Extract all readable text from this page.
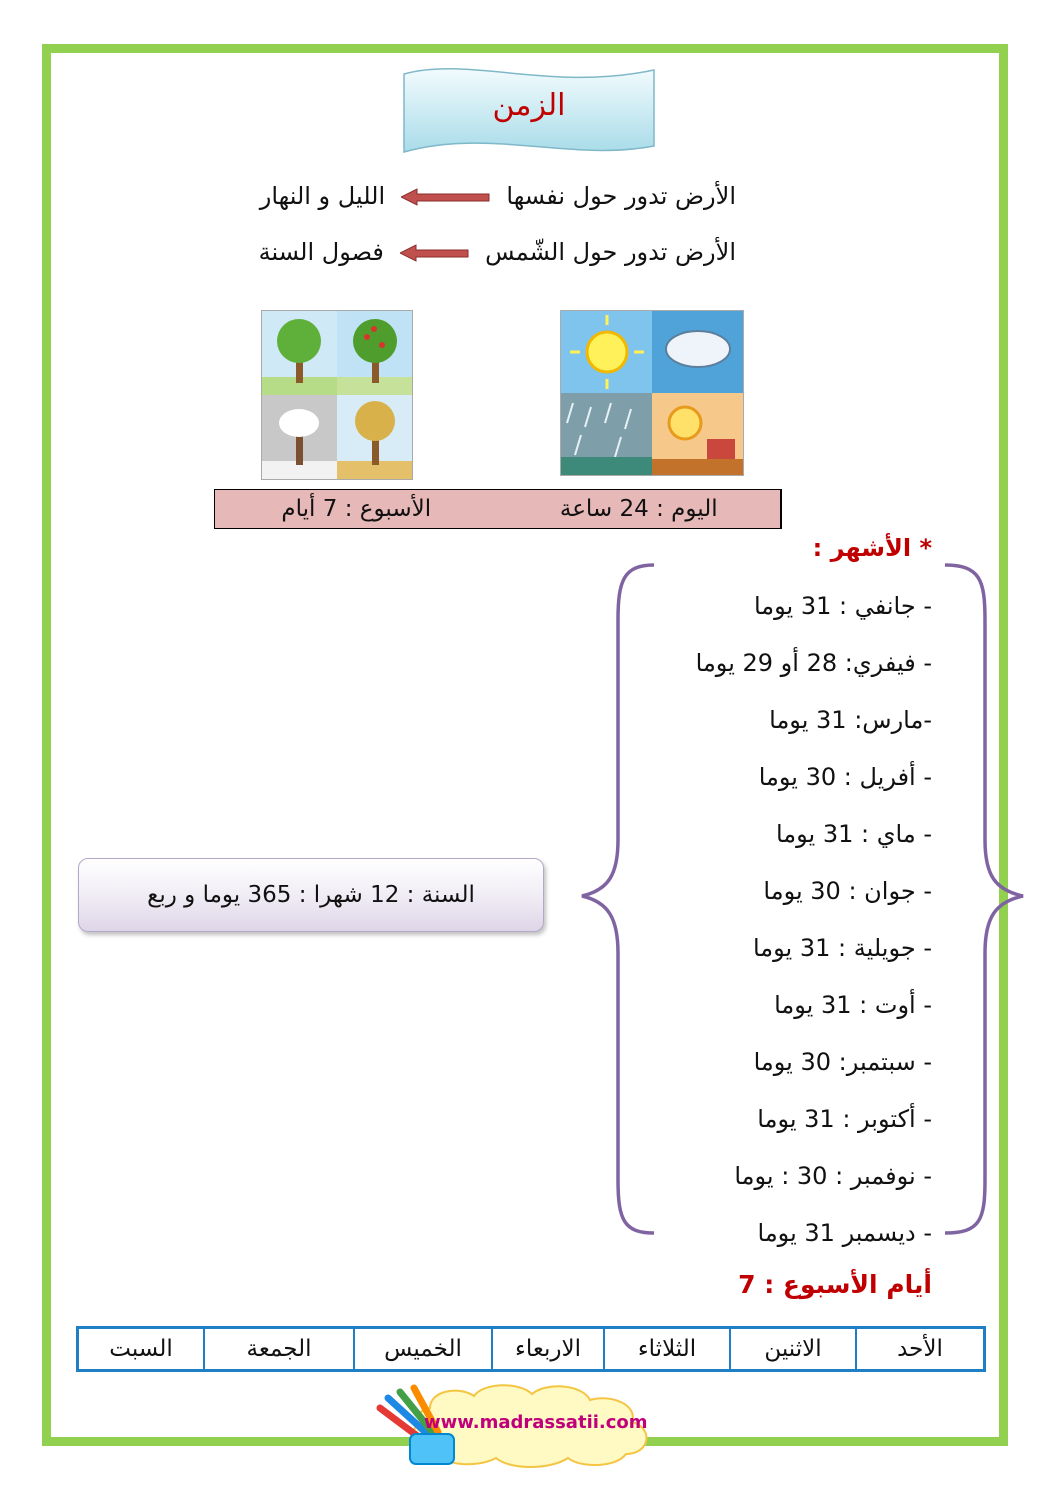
الزمن
الأرض تدور حول نفسها  الليل و النهار
الأرض تدور حول الشّمس  فصول السنة
الأسبوع : 7 أيام	اليوم : 24 ساعة
* الأشهر :
- جانفي : 31 يوما
- فيفري: 28 أو 29 يوما
-مارس: 31 يوما
- أفريل : 30 يوما
- ماي : 31 يوما
- جوان : 30 يوما
- جويلية : 31 يوما
- أوت : 31 يوما
- سبتمبر: 30 يوما
- أكتوبر : 31 يوما
- نوفمبر : 30 : يوما
- ديسمبر 31 يوما
السنة : 12 شهرا : 365 يوما و ربع
أيام الأسبوع : 7
الأحد
الاثنين
الثلاثاء
الاربعاء
الخميس
الجمعة
السبت
www.madrassatii.com
